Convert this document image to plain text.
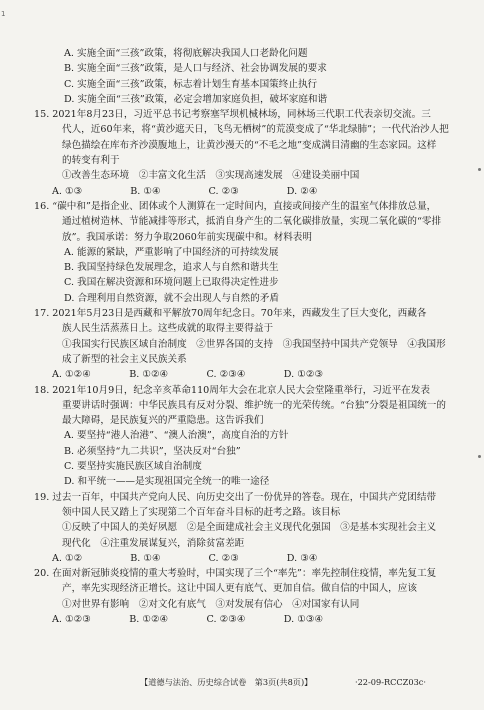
1
A. 实施全面“三孩”政策，将彻底解决我国人口老龄化问题
B. 实施全面“三孩”政策，是人口与经济、社会协调发展的要求
C. 实施全面“三孩”政策，标志着计划生育基本国策终止执行
D. 实施全面“三孩”政策，必定会增加家庭负担，破坏家庭和谐
15. 2021年8月23日，习近平总书记考察塞罕坝机械林场，同林场三代职工代表亲切交流。三
代人，近60年来，将“黄沙遮天日，飞鸟无栖树”的荒漠变成了“华北绿肺”；一代代治沙人把
绿色描绘在库布齐沙漠腹地上，让黄沙漫天的“不毛之地”变成满目清幽的生态家园。这样
的转变有利于
①改善生态环境　②丰富文化生活　③实现高速发展　④建设美丽中国
A. ①③　　　　　B. ①④　　　　　C. ②③　　　　　D. ②④
16. “碳中和”是指企业、团体或个人测算在一定时间内，直接或间接产生的温室气体排放总量，
通过植树造林、节能减排等形式，抵消自身产生的二氧化碳排放量，实现二氧化碳的“零排
放”。我国承诺：努力争取2060年前实现碳中和。材料表明
A. 能源的紧缺，严重影响了中国经济的可持续发展
B. 我国坚持绿色发展理念，追求人与自然和谐共生
C. 我国在解决资源和环境问题上已取得决定性进步
D. 合理利用自然资源，就不会出现人与自然的矛盾
17. 2021年5月23日是西藏和平解放70周年纪念日。70年来，西藏发生了巨大变化，西藏各
族人民生活蒸蒸日上。这些成就的取得主要得益于
①我国实行民族区域自治制度　②世界各国的支持　③我国坚持中国共产党领导　④我国形
成了新型的社会主义民族关系
A. ①②④　　　　B. ①②④　　　　C. ②③④　　　　D. ①②③
18. 2021年10月9日，纪念辛亥革命110周年大会在北京人民大会堂隆重举行，习近平在发表
重要讲话时强调：中华民族具有反对分裂、维护统一的光荣传统。“台独”分裂是祖国统一的
最大障碍，是民族复兴的严重隐患。这告诉我们
A. 要坚持“港人治港”、“澳人治澳”，高度自治的方针
B. 必须坚持“九二共识”，坚决反对“台独”
C. 要坚持实施民族区域自治制度
D. 和平统一——是实现祖国完全统一的唯一途径
19. 过去一百年，中国共产党向人民、向历史交出了一份优异的答卷。现在，中国共产党团结带
领中国人民又踏上了实现第二个百年奋斗目标的赶考之路。该目标
①反映了中国人的美好夙愿　②是全面建成社会主义现代化强国　③是基本实现社会主义
现代化　④注重发展谋复兴，消除贫富差距
A. ①②　　　　　B. ①④　　　　　C. ②③　　　　　D. ③④
20. 在面对新冠肺炎疫情的重大考验时，中国实现了三个“率先”：率先控制住疫情，率先复工复
产，率先实现经济正增长。这让中国人更有底气、更加自信。做自信的中国人，应该
①对世界有影响　②对文化有底气　③对发展有信心　④对国家有认同
A. ①②③　　　　B. ①②④　　　　C. ②③④　　　　D. ①③④
【道德与法治、历史综合试卷　第3页(共8页)】	·22-09-RCCZ03c·
